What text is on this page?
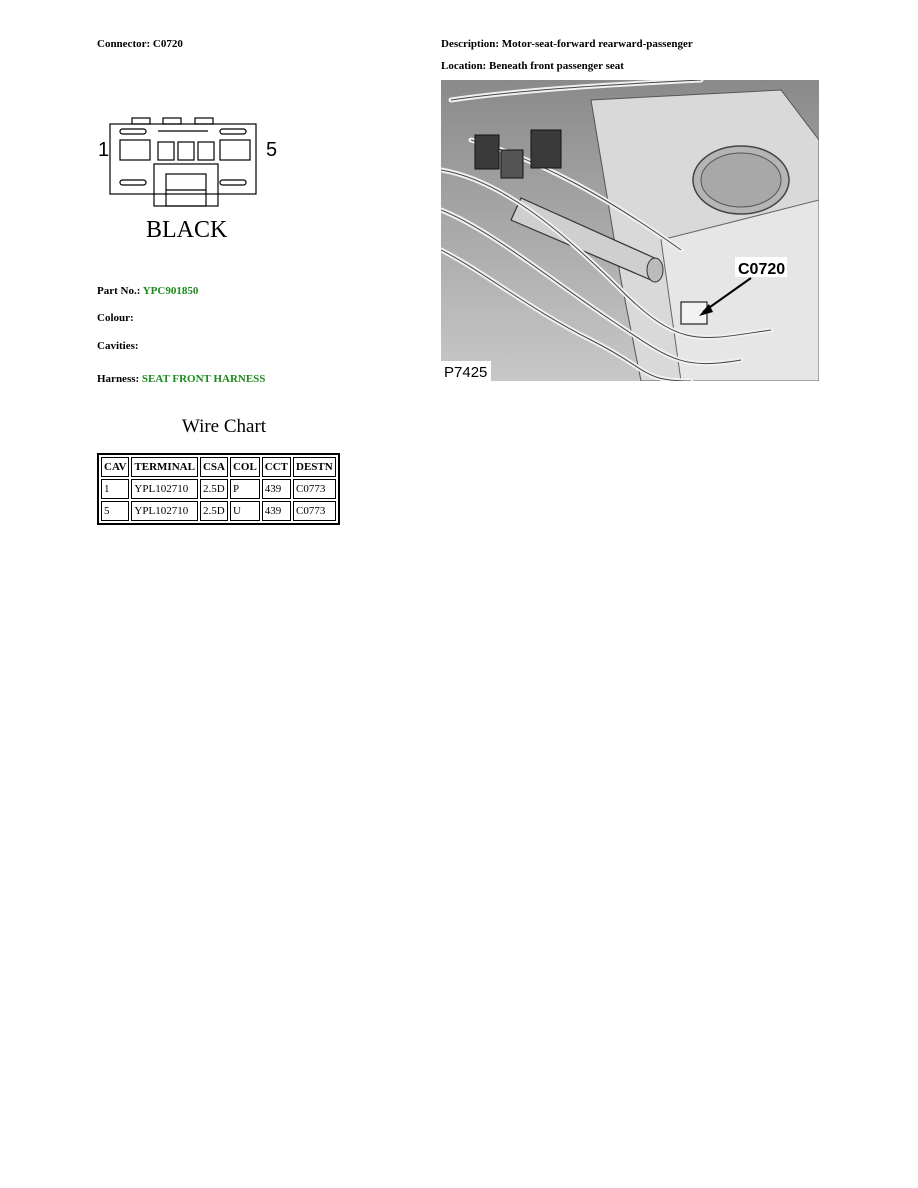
Connector: C0720
1	5
BLACK
Part No.: YPC901850
Colour:
Cavities:
Harness: SEAT FRONT HARNESS
Description: Motor-seat-forward rearward-passenger
Location: Beneath front passenger seat
C0720
P7425
Wire Chart
CAV	TERMINAL	CSA	COL	CCT	DESTN
1	YPL102710	2.5D	P	439	C0773
5	YPL102710	2.5D	U	439	C0773
